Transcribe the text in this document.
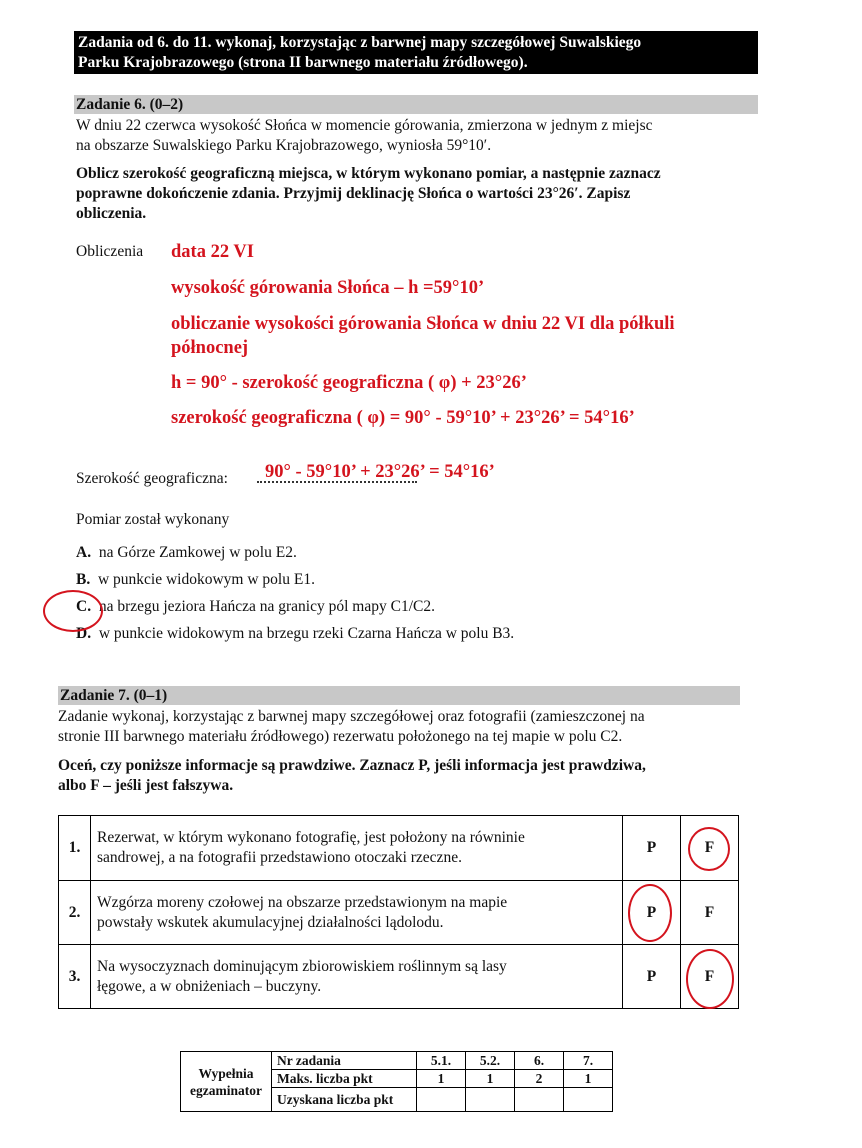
Zadania od 6. do 11. wykonaj, korzystając z barwnej mapy szczegółowej Suwalskiego
Parku Krajobrazowego (strona II barwnego materiału źródłowego).
Zadanie 6. (0–2)
W dniu 22 czerwca wysokość Słońca w momencie górowania, zmierzona w jednym z miejsc
na obszarze Suwalskiego Parku Krajobrazowego, wyniosła 59°10′.
Oblicz szerokość geograficzną miejsca, w którym wykonano pomiar, a następnie zaznacz
poprawne dokończenie zdania. Przyjmij deklinację Słońca o wartości 23°26′. Zapisz
obliczenia.
Obliczenia data 22 VI
wysokość górowania Słońca – h =59°10’
obliczanie wysokości górowania Słońca w dniu 22 VI dla półkuli
północnej
h = 90° - szerokość geograficzna ( φ) + 23°26’
szerokość geograficzna ( φ) = 90° - 59°10’ + 23°26’ = 54°16’
Szerokość geograficzna: 90° - 59°10’ + 23°26’ = 54°16’
Pomiar został wykonany
A. na Górze Zamkowej w polu E2.
B. w punkcie widokowym w polu E1.
C. na brzegu jeziora Hańcza na granicy pól mapy C1/C2.
D. w punkcie widokowym na brzegu rzeki Czarna Hańcza w polu B3.
Zadanie 7. (0–1)
Zadanie wykonaj, korzystając z barwnej mapy szczegółowej oraz fotografii (zamieszczonej na
stronie III barwnego materiału źródłowego) rezerwatu położonego na tej mapie w polu C2.
Oceń, czy poniższe informacje są prawdziwe. Zaznacz P, jeśli informacja jest prawdziwa,
albo F – jeśli jest fałszywa.
1.	Rezerwat, w którym wykonano fotografię, jest położony na równinie
sandrowej, a na fotografii przedstawiono otoczaki rzeczne.	P	F

2.	Wzgórza moreny czołowej na obszarze przedstawionym na mapie
powstały wskutek akumulacyjnej działalności lądolodu.	P	F
3.	Na wysoczyznach dominującym zbiorowiskiem roślinnym są lasy
łęgowe, a w obniżeniach – buczyny.	P	F
Wypełnia
egzaminator	Nr zadania	5.1.	5.2.	6.	7.
	Maks. liczba pkt	1	1	2	1
	Uzyskana liczba pkt				
